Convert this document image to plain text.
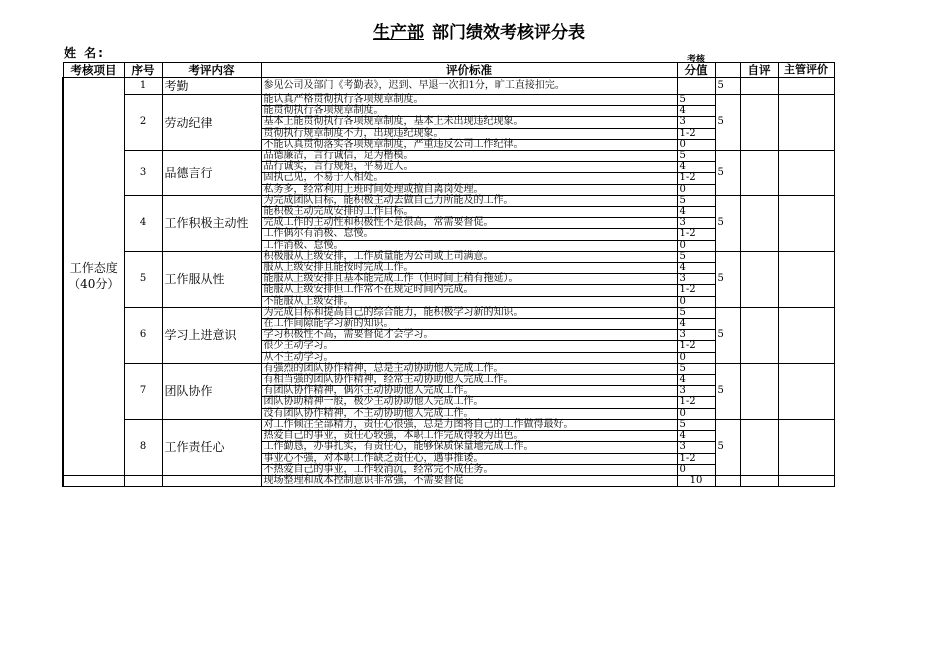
生产部 部门绩效考核评分表
姓 名:
考核项目	序号	考评内容	评价标准	考核
分值		自评	主管评价

工作态度
（40分）	1	考勤	参见公司及部门《考勤表》，迟到、早退一次扣1分，旷工直接扣完。		5		
	2	劳动纪律	能认真严格贯彻执行各项规章制度。	5	5		
			能贯彻执行各项规章制度。	4			
			基本上能贯彻执行各项规章制度，基本上未出现违纪现象。	3			
			贯彻执行规章制度不力，出现违纪现象。	1-2			
			不能认真贯彻落实各项规章制度，严重违反公司工作纪律。	0			
	3	品德言行	品德廉洁，言行诚信，足为楷模。	5	5		
			品行诚实，言行规矩，平易近人。	4			
			固执己见，不易于人相处。	1-2			
			私务多，经常利用上班时间处理或擅自离岗处理。	0			
	4	工作积极主动性	为完成团队目标，能积极主动去做自己力所能及的工作。	5	5		
			能积极主动完成安排的工作目标。	4			
			完成工作的主动性和积极性不是很高，常需要督促。	3			
			工作偶尔有消极、怠慢。	1-2			
			工作消极、怠慢。	0			
	5	工作服从性	积极服从上级安排，工作质量能为公司或上司满意。	5	5		
			服从上级安排且能按时完成工作。	4			
			能服从上级安排且基本能完成工作（但时间上稍有拖延）。	3			
			能服从上级安排但工作常不在规定时间内完成。	1-2			
			不能服从上级安排。	0			
	6	学习上进意识	为完成目标和提高自己的综合能力，能积极学习新的知识。	5	5		
			在工作间隙能学习新的知识。	4			
			学习积极性不高，需要督促才会学习。	3			
			很少主动学习。	1-2			
			从不主动学习。	0			
	7	团队协作	有强烈的团队协作精神，总是主动协助他人完成工作。	5	5		
			有相当强的团队协作精神，经常主动协助他人完成工作。	4			
			有团队协作精神，偶尔主动协助他人完成工作。	3			
			团队协助精神一般，极少主动协助他人完成工作。	1-2			
			没有团队协作精神，不主动协助他人完成工作。	0			
	8	工作责任心	对工作倾注全部精力，责任心很强，总是力图将自己的工作做得最好。	5	5		
			热爱自己的事业，责任心较强，本职工作完成得较为出色。	4			
			工作勤恳，办事扎实，有责任心，能够保质保量地完成工作。	3			
			事业心不强，对本职工作缺乏责任心，遇事推诿。	1-2			
			不热爱自己的事业，工作较消沉，经常完不成任务。	0			
			现场整理和成本控制意识非常强，不需要督促	10			
